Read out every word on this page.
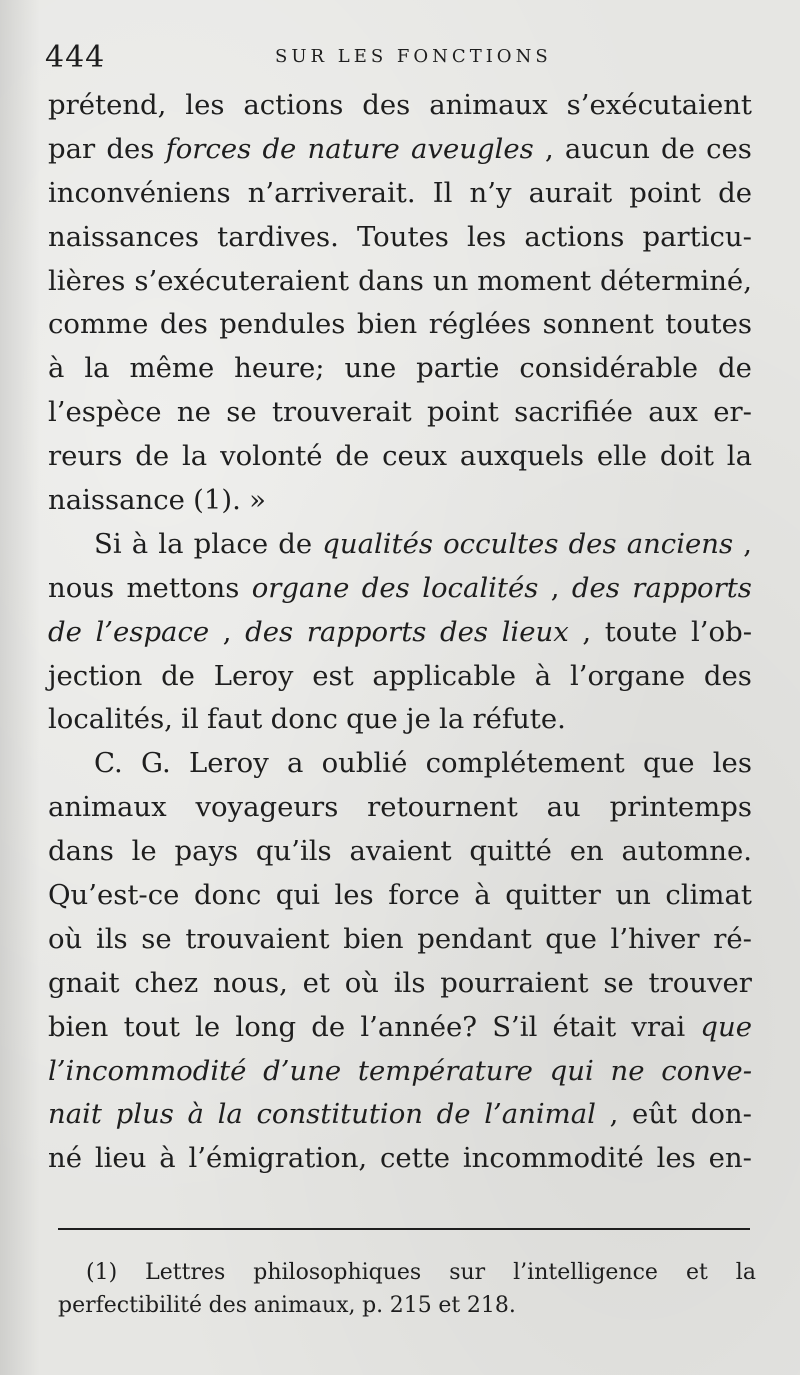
444	SUR LES FONCTIONS
prétend, les actions des animaux s’exécutaient
par des forces de nature aveugles , aucun de ces
inconvéniens n’arriverait. Il n’y aurait point de
naissances tardives. Toutes les actions particu-
lières s’exécuteraient dans un moment déterminé,
comme des pendules bien réglées sonnent toutes
à la même heure; une partie considérable de
l’espèce ne se trouverait point sacrifiée aux er-
reurs de la volonté de ceux auxquels elle doit la
naissance (1). »
Si à la place de qualités occultes des anciens ,
nous mettons organe des localités , des rapports
de l’espace , des rapports des lieux , toute l’ob-
jection de Leroy est applicable à l’organe des
localités, il faut donc que je la réfute.
C. G. Leroy a oublié complétement que les
animaux voyageurs retournent au printemps
dans le pays qu’ils avaient quitté en automne.
Qu’est-ce donc qui les force à quitter un climat
où ils se trouvaient bien pendant que l’hiver ré-
gnait chez nous, et où ils pourraient se trouver
bien tout le long de l’année? S’il était vrai que
l’incommodité d’une température qui ne conve-
nait plus à la constitution de l’animal , eût don-
né lieu à l’émigration, cette incommodité les en-
(1) Lettres philosophiques sur l’intelligence et la
perfectibilité des animaux, p. 215 et 218.
